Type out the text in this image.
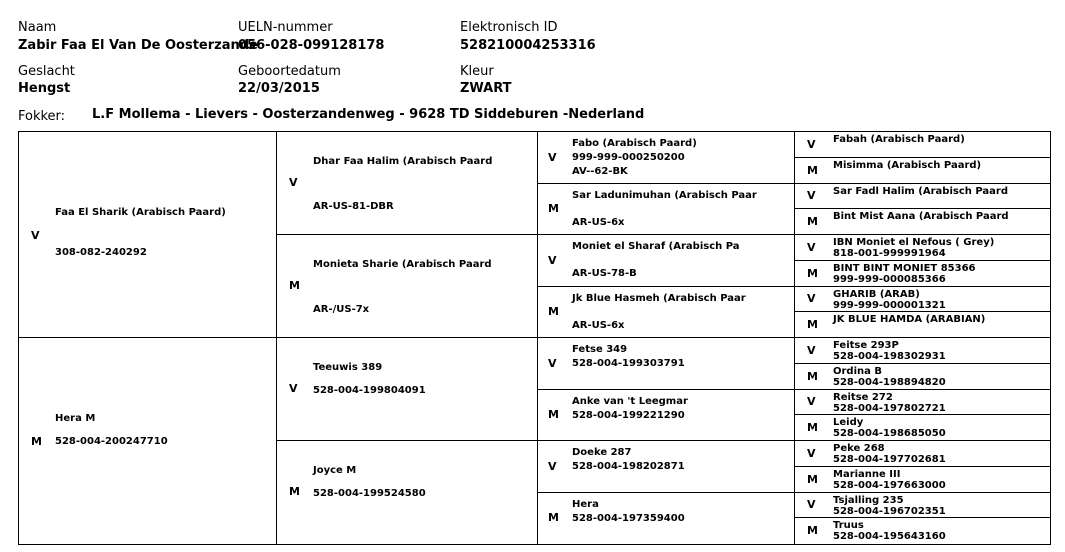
Naam
Zabir Faa El Van De Oosterzande
UELN-nummer
056-028-099128178
Elektronisch ID
528210004253316
Geslacht
Hengst
Geboortedatum
22/03/2015
Kleur
ZWART
Fokker: L.F Mollema - Lievers - Oosterzandenweg - 9628 TD Siddeburen -Nederland
V
Faa El Sharik (Arabisch Paard)
308-082-240292
M
Hera M
528-004-200247710
V
Dhar Faa Halim (Arabisch Paard
AR-US-81-DBR
M
Monieta Sharie (Arabisch Paard
AR-/US-7x
V
Teeuwis 389
528-004-199804091
M
Joyce M
528-004-199524580
V
Fabo (Arabisch Paard)
999-999-000250200
AV--62-BK
M
Sar Ladunimuhan (Arabisch Paar
AR-US-6x
V
Moniet el Sharaf (Arabisch Pa
AR-US-78-B
M
Jk Blue Hasmeh (Arabisch Paar
AR-US-6x
V
Fetse 349
528-004-199303791
M
Anke van 't Leegmar
528-004-199221290
V
Doeke 287
528-004-198202871
M
Hera
528-004-197359400
V Fabah (Arabisch Paard)
M Misimma (Arabisch Paard)
V Sar Fadl Halim (Arabisch Paard
M Bint Mist Aana (Arabisch Paard
V IBN Moniet el Nefous ( Grey)
818-001-999991964
M BINT BINT MONIET 85366
999-999-000085366
V GHARIB (ARAB)
999-999-000001321
M JK BLUE HAMDA (ARABIAN)
V Feitse 293P
528-004-198302931
M Ordina B
528-004-198894820
V Reitse 272
528-004-197802721
M Leidy
528-004-198685050
V Peke 268
528-004-197702681
M Marianne III
528-004-197663000
V Tsjalling 235
528-004-196702351
M Truus
528-004-195643160
